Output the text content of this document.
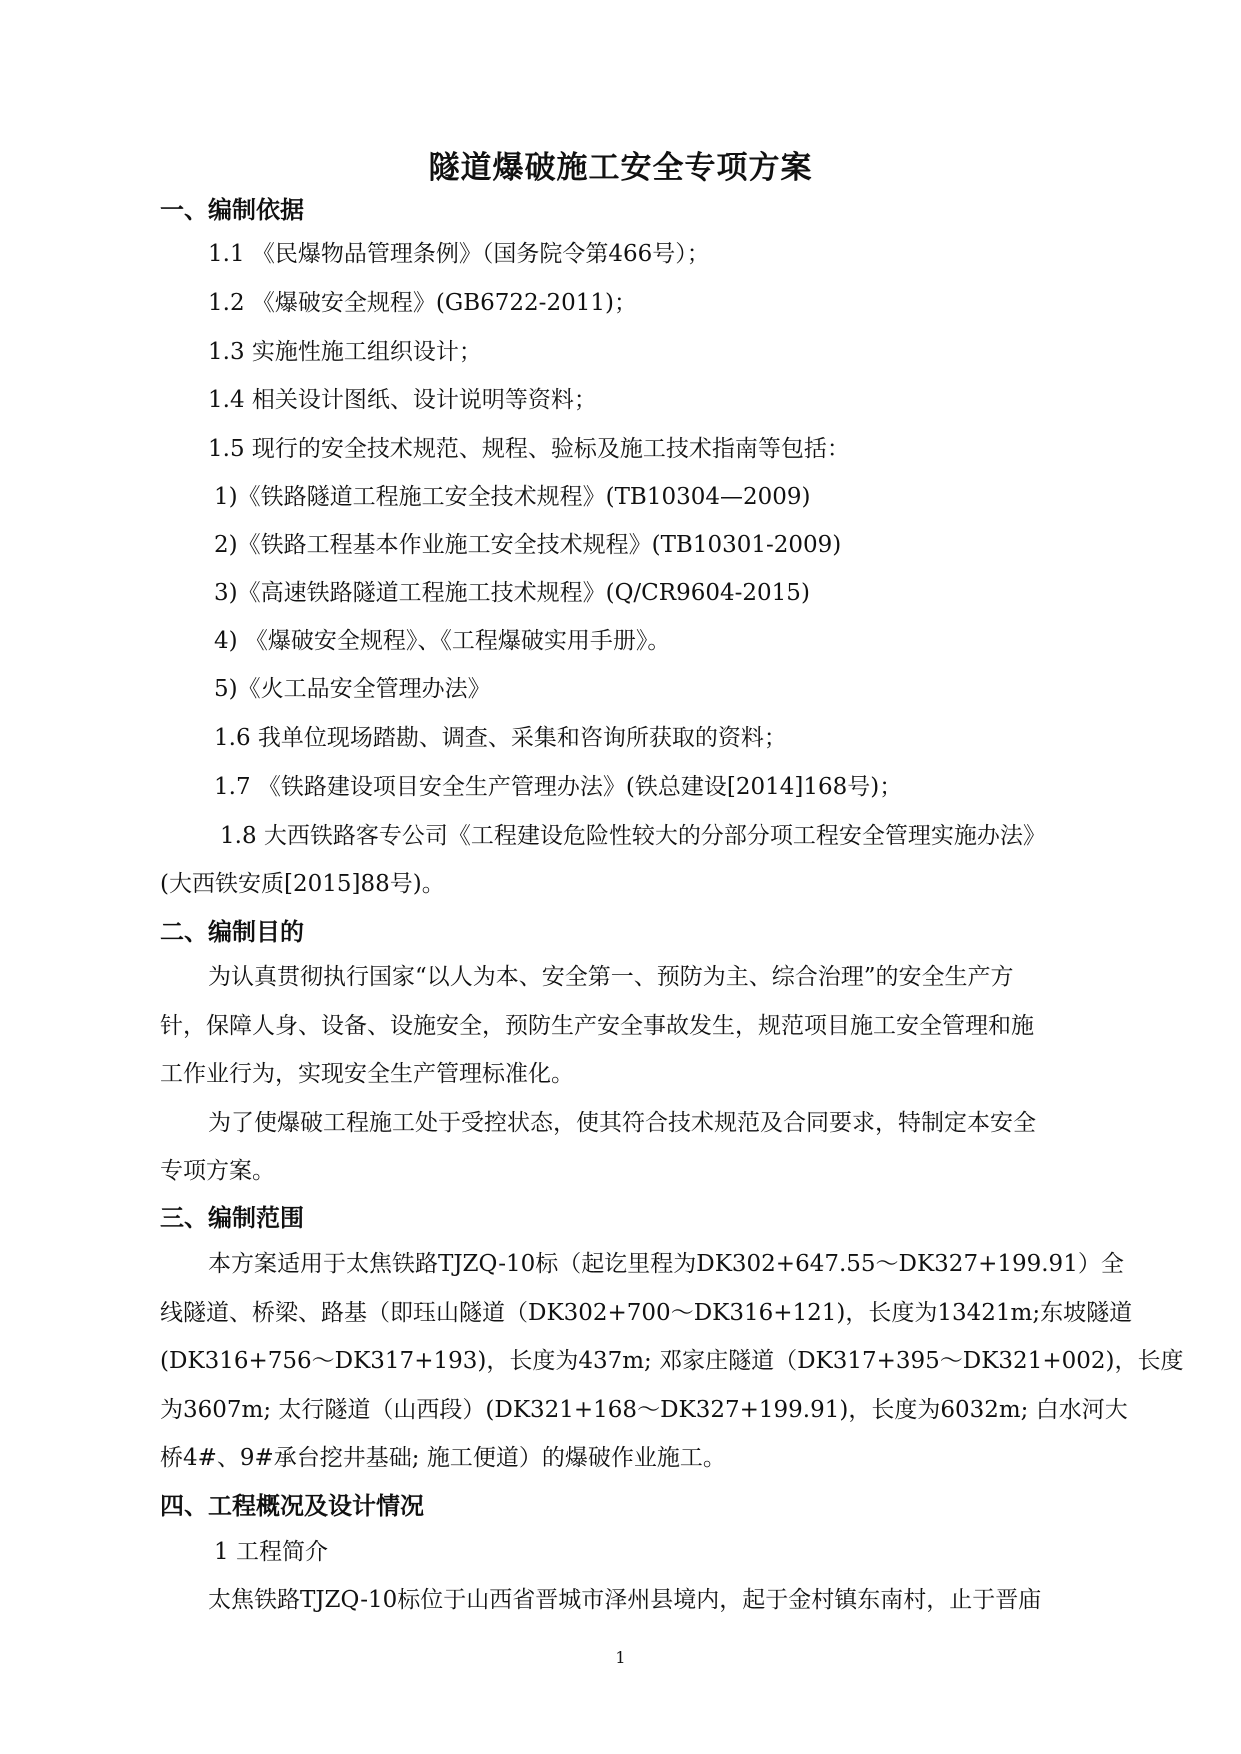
隧道爆破施工安全专项方案
一、编制依据
1.1 《民爆物品管理条例》（国务院令第466号）；
1.2 《爆破安全规程》(GB6722-2011)；
1.3 实施性施工组织设计；
1.4 相关设计图纸、设计说明等资料；
1.5 现行的安全技术规范、规程、验标及施工技术指南等包括：
1)《铁路隧道工程施工安全技术规程》(TB10304—2009)
2)《铁路工程基本作业施工安全技术规程》(TB10301-2009)
3)《高速铁路隧道工程施工技术规程》(Q/CR9604-2015)
4) 《爆破安全规程》、《工程爆破实用手册》。
5)《火工品安全管理办法》
1.6 我单位现场踏勘、调查、采集和咨询所获取的资料；
1.7 《铁路建设项目安全生产管理办法》(铁总建设[2014]168号)；
1.8 大西铁路客专公司《工程建设危险性较大的分部分项工程安全管理实施办法》
(大西铁安质[2015]88号)。
二、编制目的
为认真贯彻执行国家“以人为本、安全第一、预防为主、综合治理”的安全生产方
针，保障人身、设备、设施安全，预防生产安全事故发生，规范项目施工安全管理和施
工作业行为，实现安全生产管理标准化。
为了使爆破工程施工处于受控状态，使其符合技术规范及合同要求，特制定本安全
专项方案。
三、编制范围
本方案适用于太焦铁路TJZQ-10标（起讫里程为DK302+647.55～DK327+199.91）全
线隧道、桥梁、路基（即珏山隧道（DK302+700～DK316+121)，长度为13421m;东坡隧道
(DK316+756～DK317+193)，长度为437m; 邓家庄隧道（DK317+395～DK321+002)，长度
为3607m; 太行隧道（山西段）(DK321+168～DK327+199.91)，长度为6032m; 白水河大
桥4#、9#承台挖井基础; 施工便道）的爆破作业施工。
四、工程概况及设计情况
1 工程简介
太焦铁路TJZQ-10标位于山西省晋城市泽州县境内，起于金村镇东南村，止于晋庙
1
